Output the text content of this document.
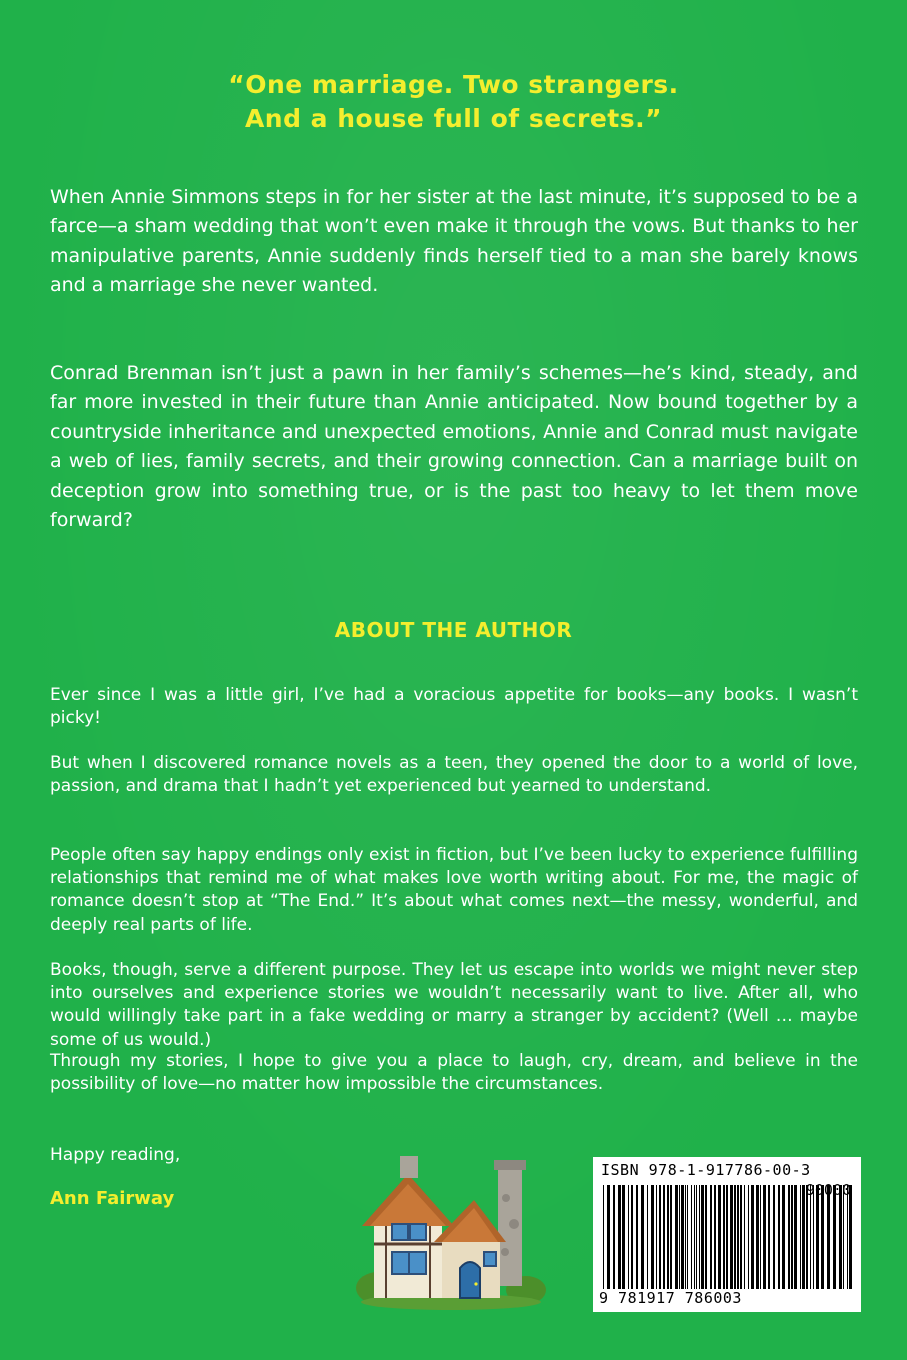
“One marriage. Two strangers.
And a house full of secrets.”

When Annie Simmons steps in for her sister at the last minute, it’s supposed to be a farce—a sham wedding that won’t even make it through the vows. But thanks to her manipulative parents, Annie suddenly finds herself tied to a man she barely knows and a marriage she never wanted.

Conrad Brenman isn’t just a pawn in her family’s schemes—he’s kind, steady, and far more invested in their future than Annie anticipated. Now bound together by a countryside inheritance and unexpected emotions, Annie and Conrad must navigate a web of lies, family secrets, and their growing connection. Can a marriage built on deception grow into something true, or is the past too heavy to let them move forward?

ABOUT THE AUTHOR

Ever since I was a little girl, I’ve had a voracious appetite for books—any books. I wasn’t picky!

But when I discovered romance novels as a teen, they opened the door to a world of love, passion, and drama that I hadn’t yet experienced but yearned to understand.

People often say happy endings only exist in fiction, but I’ve been lucky to experience fulfilling relationships that remind me of what makes love worth writing about. For me, the magic of romance doesn’t stop at “The End.” It’s about what comes next—the messy, wonderful, and deeply real parts of life.

Books, though, serve a different purpose. They let us escape into worlds we might never step into ourselves and experience stories we wouldn’t necessarily want to live. After all, who would willingly take part in a fake wedding or marry a stranger by accident? (Well … maybe some of us would.)

Through my stories, I hope to give you a place to laugh, cry, dream, and believe in the possibility of love—no matter how impossible the circumstances.

Happy reading,
Ann Fairway
ISBN 978-1-917786-00-3
9 781917 786003
